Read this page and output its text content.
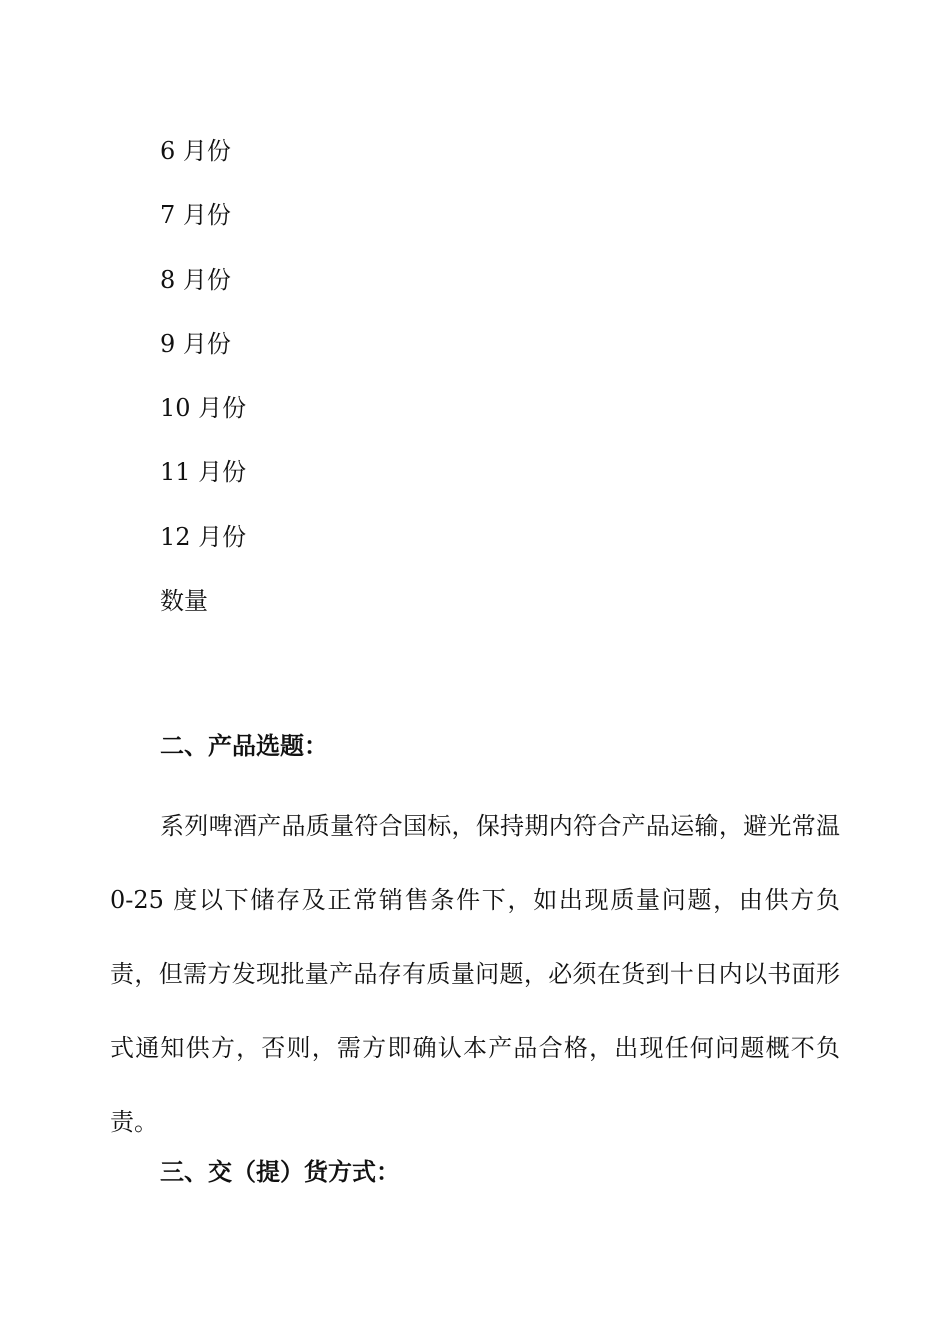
6 月份
7 月份
8 月份
9 月份
10 月份
11 月份
12 月份
数量
二、产品选题：

系列啤酒产品质量符合国标，保持期内符合产品运输，避光常温 0-25 度以下储存及正常销售条件下，如出现质量问题，由供方负责，但需方发现批量产品存有质量问题，必须在货到十日内以书面形式通知供方，否则，需方即确认本产品合格，出现任何问题概不负责。

三、交（提）货方式：
